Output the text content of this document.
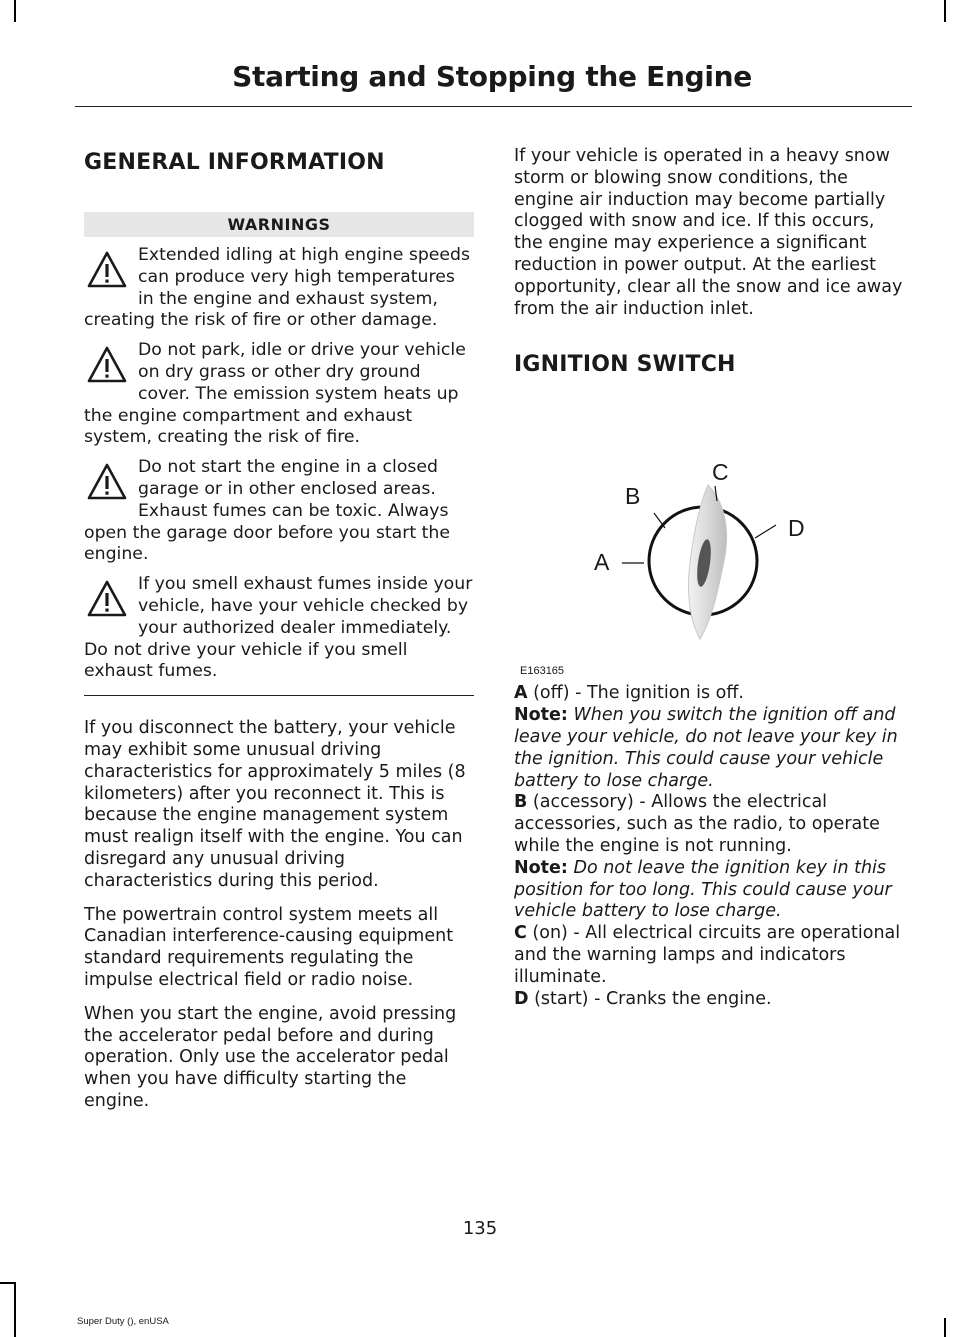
Starting and Stopping the Engine
GENERAL INFORMATION
WARNINGS
Extended idling at high engine speeds can produce very high temperatures in the engine and exhaust system, creating the risk of fire or other damage.
Do not park, idle or drive your vehicle on dry grass or other dry ground cover. The emission system heats up the engine compartment and exhaust system, creating the risk of fire.
Do not start the engine in a closed garage or in other enclosed areas. Exhaust fumes can be toxic. Always open the garage door before you start the engine.
If you smell exhaust fumes inside your vehicle, have your vehicle checked by your authorized dealer immediately. Do not drive your vehicle if you smell exhaust fumes.

If you disconnect the battery, your vehicle may exhibit some unusual driving characteristics for approximately 5 miles (8 kilometers) after you reconnect it. This is because the engine management system must realign itself with the engine. You can disregard any unusual driving characteristics during this period.

The powertrain control system meets all Canadian interference-causing equipment standard requirements regulating the impulse electrical field or radio noise.

When you start the engine, avoid pressing the accelerator pedal before and during operation. Only use the accelerator pedal when you have difficulty starting the engine.

If your vehicle is operated in a heavy snow storm or blowing snow conditions, the engine air induction may become partially clogged with snow and ice. If this occurs, the engine may experience a significant reduction in power output. At the earliest opportunity, clear all the snow and ice away from the air induction inlet.

IGNITION SWITCH
A
B
C
D
E163165

A (off) - The ignition is off.

Note: When you switch the ignition off and leave your vehicle, do not leave your key in the ignition. This could cause your vehicle battery to lose charge.

B (accessory) - Allows the electrical accessories, such as the radio, to operate while the engine is not running.

Note: Do not leave the ignition key in this position for too long. This could cause your vehicle battery to lose charge.

C (on) - All electrical circuits are operational and the warning lamps and indicators illuminate.

D (start) - Cranks the engine.

135
Super Duty (), enUSA
